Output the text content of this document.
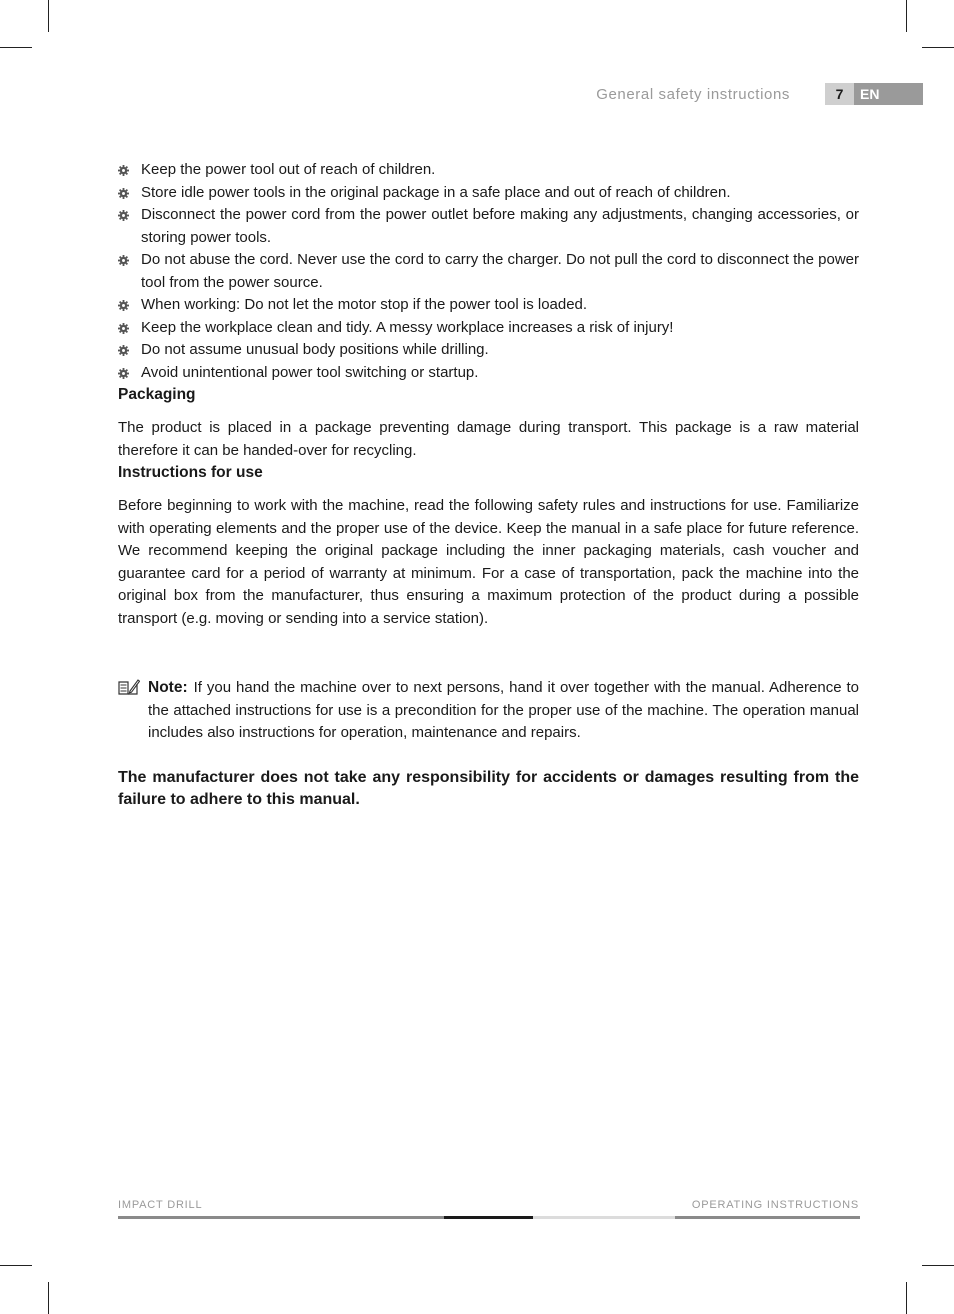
General safety instructions	7	EN
Keep the power tool out of reach of children.
Store idle power tools in the original package in a safe place and out of reach of children.
Disconnect the power cord from the power outlet before making any adjustments, changing accessories, or storing power tools.
Do not abuse the cord. Never use the cord to carry the charger. Do not pull the cord to disconnect the power tool from the power source.
When working: Do not let the motor stop if the power tool is loaded.
Keep the workplace clean and tidy. A messy workplace increases a risk of injury!
Do not assume unusual body positions while drilling.
Avoid unintentional power tool switching or startup.
Packaging

The product is placed in a package preventing damage during transport. This package is a raw material therefore it can be handed-over for recycling.

Instructions for use

Before beginning to work with the machine, read the following safety rules and instructions for use. Familiarize with operating elements and the proper use of the device. Keep the manual in a safe place for future reference. We recommend keeping the original package including the inner packaging materials, cash voucher and guarantee card for a period of warranty at minimum. For a case of transportation, pack the machine into the original box from the manufacturer, thus ensuring a maximum protection of the product during a possible transport (e.g. moving or sending into a service station).

Note: If you hand the machine over to next persons, hand it over together with the manual. Adherence to the attached instructions for use is a precondition for the proper use of the machine. The operation manual includes also instructions for operation, maintenance and repairs.
The manufacturer does not take any responsibility for accidents or damages resulting from the failure to adhere to this manual.
IMPACT DRILL	OPERATING INSTRUCTIONS
